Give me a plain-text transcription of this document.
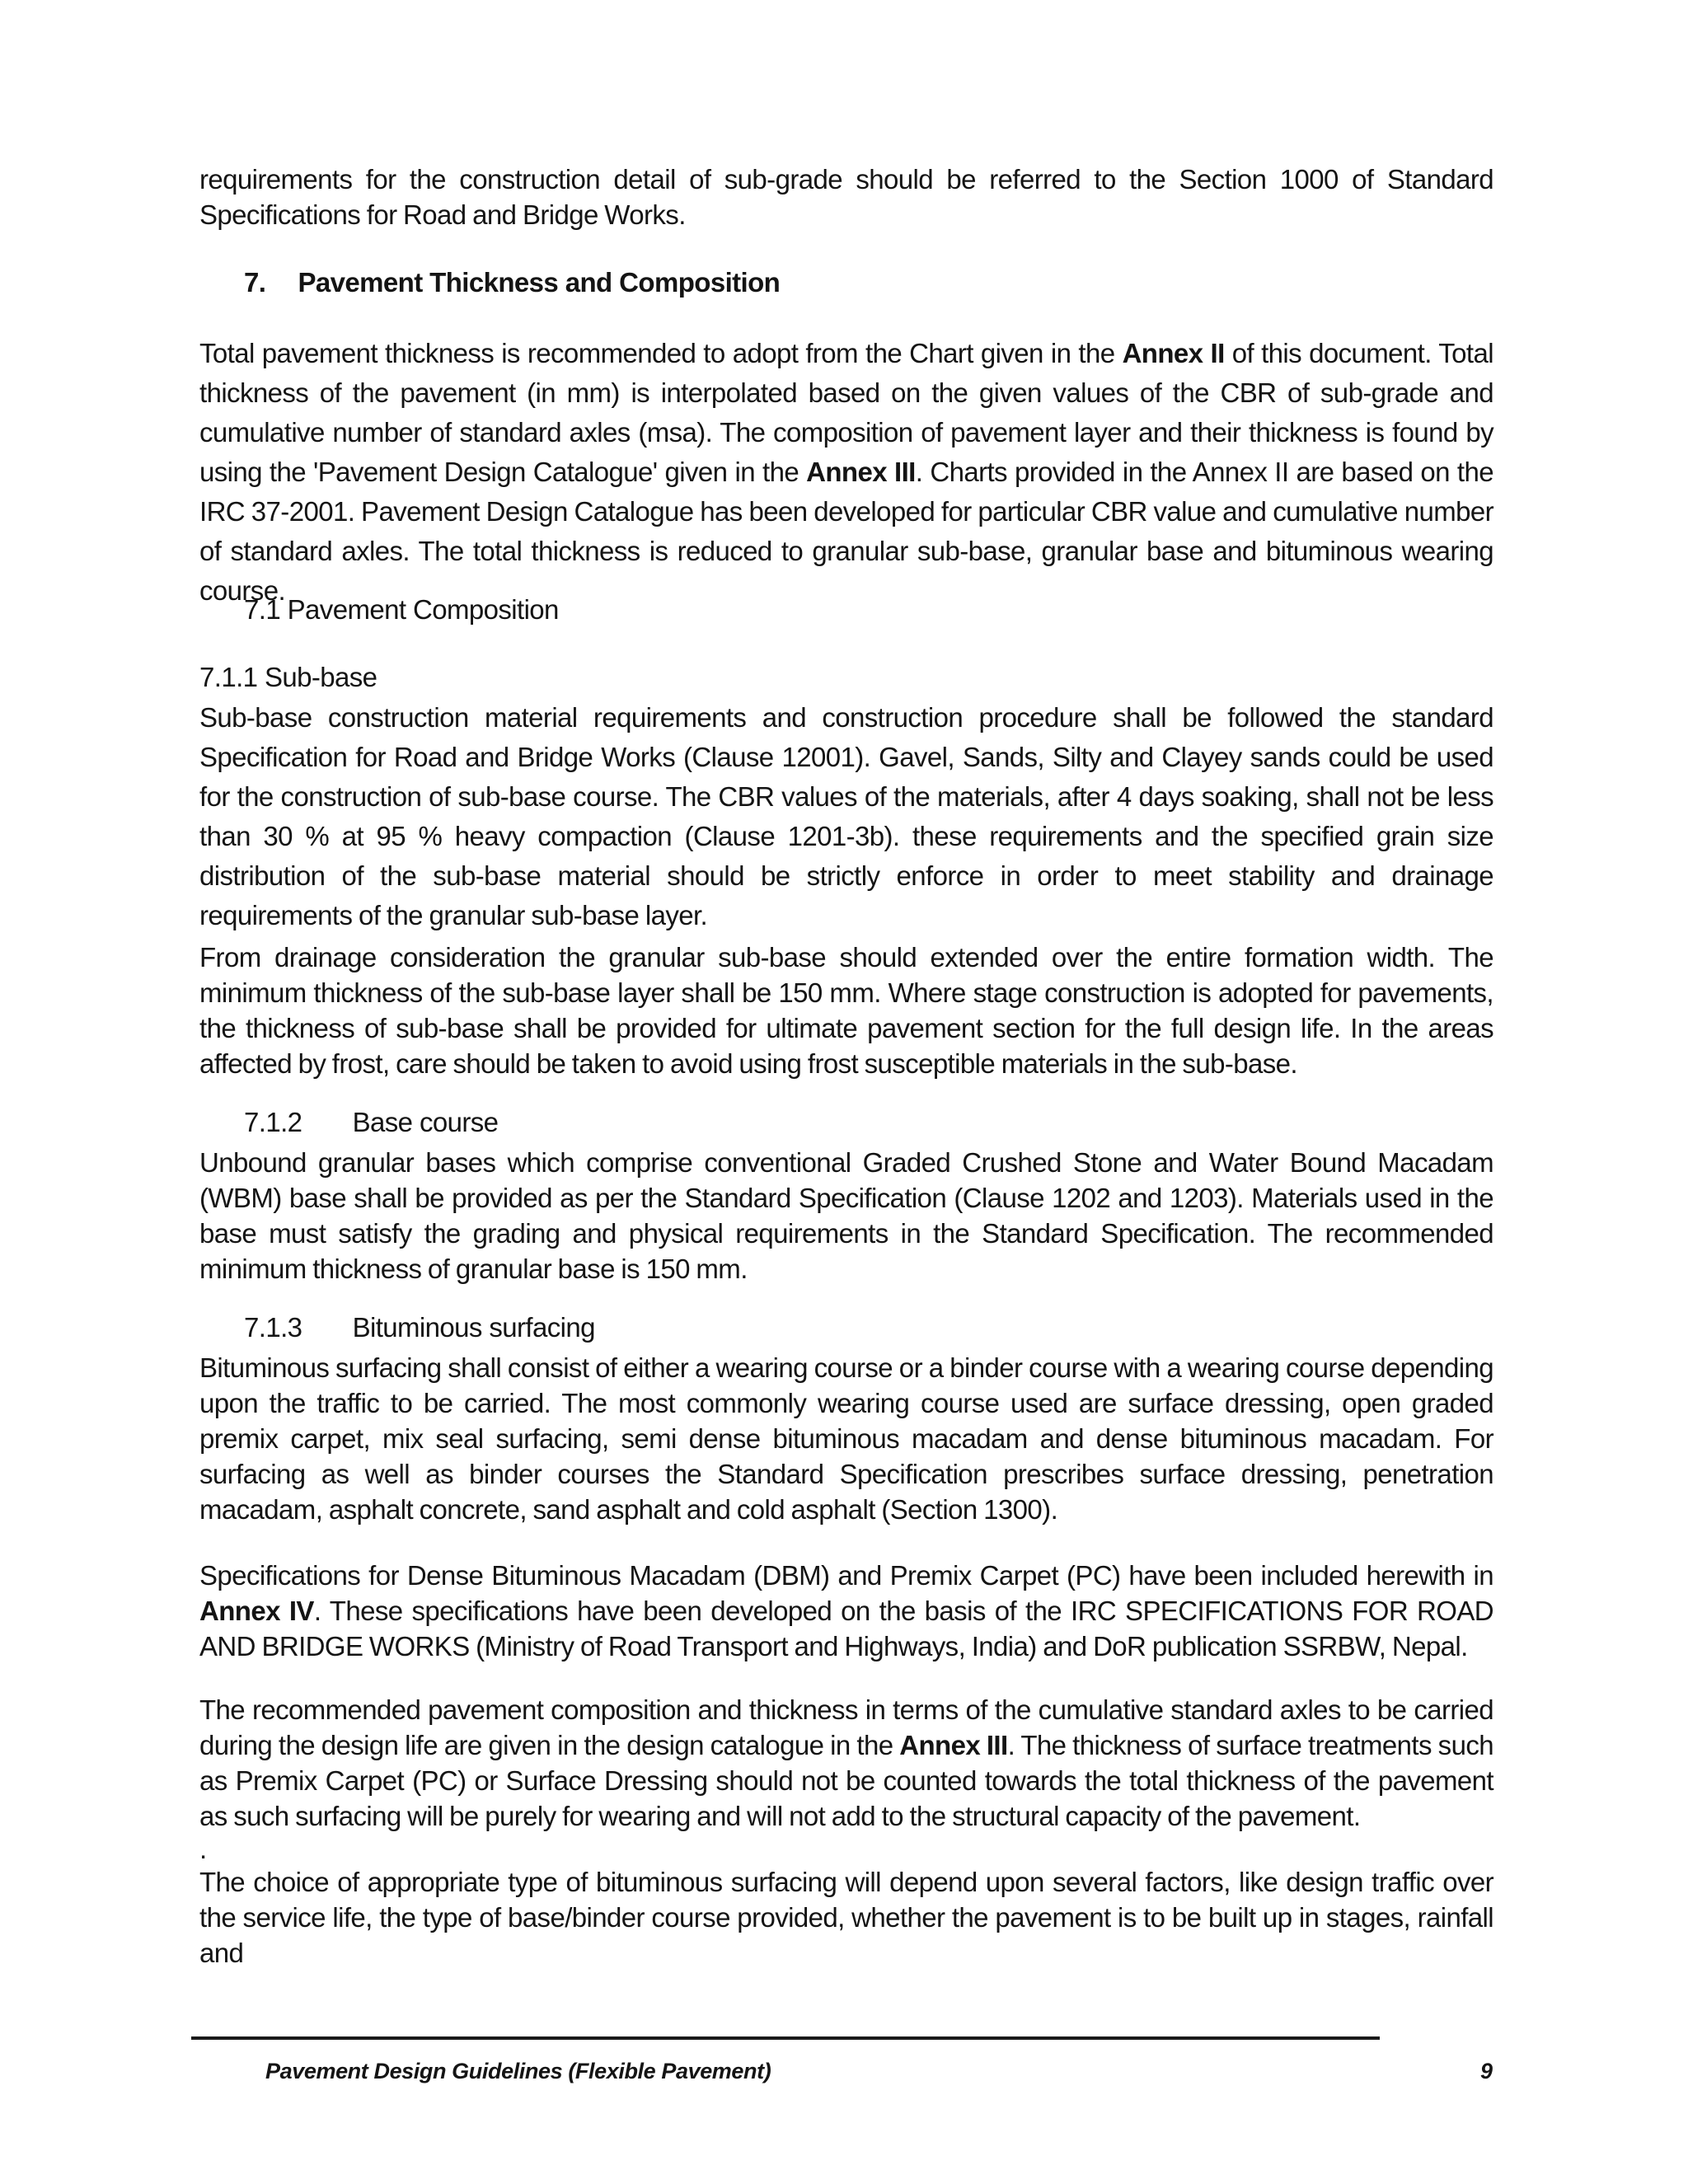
requirements for the construction detail of sub-grade should be referred to the Section 1000 of Standard Specifications for Road and Bridge Works.

7. Pavement Thickness and Composition

Total pavement thickness is recommended to adopt from the Chart given in the Annex II of this document. Total thickness of the pavement (in mm) is interpolated based on the given values of the CBR of sub-grade and cumulative number of standard axles (msa). The composition of pavement layer and their thickness is found by using the 'Pavement Design Catalogue' given in the Annex III. Charts provided in the Annex II are based on the IRC 37-2001. Pavement Design Catalogue has been developed for particular CBR value and cumulative number of standard axles. The total thickness is reduced to granular sub-base, granular base and bituminous wearing course.

7.1 Pavement Composition
7.1.1 Sub-base

Sub-base construction material requirements and construction procedure shall be followed the standard Specification for Road and Bridge Works (Clause 12001). Gavel, Sands, Silty and Clayey sands could be used for the construction of sub-base course. The CBR values of the materials, after 4 days soaking, shall not be less than 30 % at 95 % heavy compaction (Clause 1201-3b). these requirements and the specified grain size distribution of the sub-base material should be strictly enforce in order to meet stability and drainage requirements of the granular sub-base layer.

From drainage consideration the granular sub-base should extended over the entire formation width. The minimum thickness of the sub-base layer shall be 150 mm. Where stage construction is adopted for pavements, the thickness of sub-base shall be provided for ultimate pavement section for the full design life. In the areas affected by frost, care should be taken to avoid using frost susceptible materials in the sub-base.

7.1.2 Base course

Unbound granular bases which comprise conventional Graded Crushed Stone and Water Bound Macadam (WBM) base shall be provided as per the Standard Specification (Clause 1202 and 1203). Materials used in the base must satisfy the grading and physical requirements in the Standard Specification. The recommended minimum thickness of granular base is 150 mm.

7.1.3 Bituminous surfacing

Bituminous surfacing shall consist of either a wearing course or a binder course with a wearing course depending upon the traffic to be carried. The most commonly wearing course used are surface dressing, open graded premix carpet, mix seal surfacing, semi dense bituminous macadam and dense bituminous macadam. For surfacing as well as binder courses the Standard Specification prescribes surface dressing, penetration macadam, asphalt concrete, sand asphalt and cold asphalt (Section 1300).

Specifications for Dense Bituminous Macadam (DBM) and Premix Carpet (PC) have been included herewith in Annex IV. These specifications have been developed on the basis of the IRC SPECIFICATIONS FOR ROAD AND BRIDGE WORKS (Ministry of Road Transport and Highways, India) and DoR publication SSRBW, Nepal.

The recommended pavement composition and thickness in terms of the cumulative standard axles to be carried during the design life are given in the design catalogue in the Annex III. The thickness of surface treatments such as Premix Carpet (PC) or Surface Dressing should not be counted towards the total thickness of the pavement as such surfacing will be purely for wearing and will not add to the structural capacity of the pavement.

.

The choice of appropriate type of bituminous surfacing will depend upon several factors, like design traffic over the service life, the type of base/binder course provided, whether the pavement is to be built up in stages, rainfall and

Pavement Design Guidelines (Flexible Pavement)	9
